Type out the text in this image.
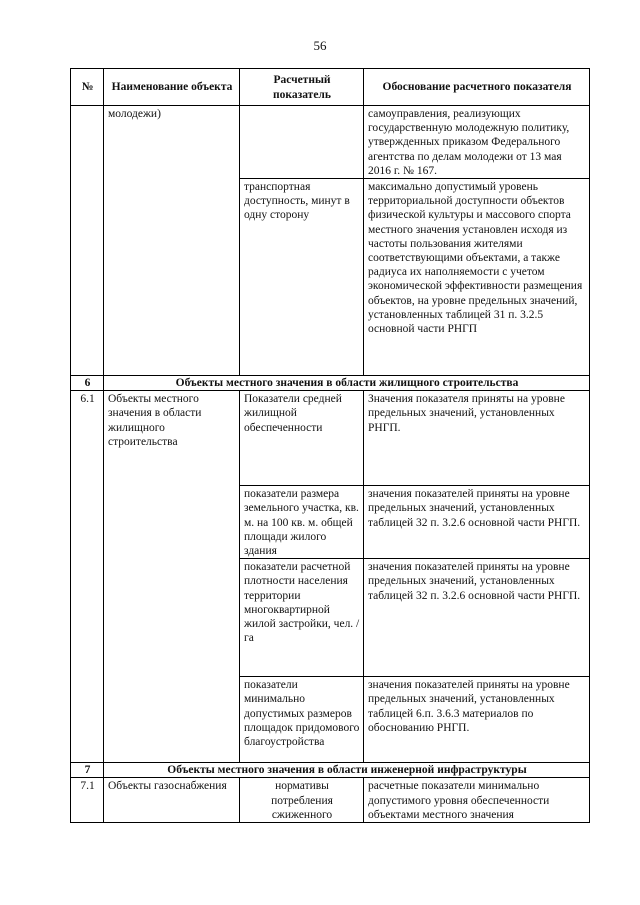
56
№	Наименование объекта	Расчетный показатель	Обоснование расчетного показателя
	молодежи)		самоуправления, реализующих государственную молодежную политику, утвержденных приказом Федерального агентства по делам молодежи от 13 мая 2016 г. № 167.
		транспортная доступность, минут в одну сторону	максимально допустимый уровень территориальной доступности объектов физической культуры и массового спорта местного значения установлен исходя из частоты пользования жителями соответствующими объектами, а также радиуса их наполняемости с учетом экономической эффективности размещения объектов, на уровне предельных значений, установленных таблицей 31 п. 3.2.5 основной части РНГП
6	Объекты местного значения в области жилищного строительства		
6.1	Объекты местного значения в области жилищного строительства	Показатели средней жилищной обеспеченности	Значения показателя приняты на уровне предельных значений, установленных РНГП.
		показатели размера земельного участка, кв. м. на 100 кв. м. общей площади жилого здания	значения показателей приняты на уровне предельных значений, установленных таблицей 32 п. 3.2.6 основной части РНГП.
		показатели расчетной плотности населения территории многоквартирной жилой застройки, чел. / га	значения показателей приняты на уровне предельных значений, установленных таблицей 32 п. 3.2.6 основной части РНГП.
		показатели минимально допустимых размеров площадок придомового благоустройства	значения показателей приняты на уровне предельных значений, установленных таблицей 6.п. 3.6.3 материалов по обоснованию РНГП.
7	Объекты местного значения в области инженерной инфраструктуры		
7.1	Объекты газоснабжения	нормативы потребления сжиженного	расчетные показатели минимально допустимого уровня обеспеченности объектами местного значения
